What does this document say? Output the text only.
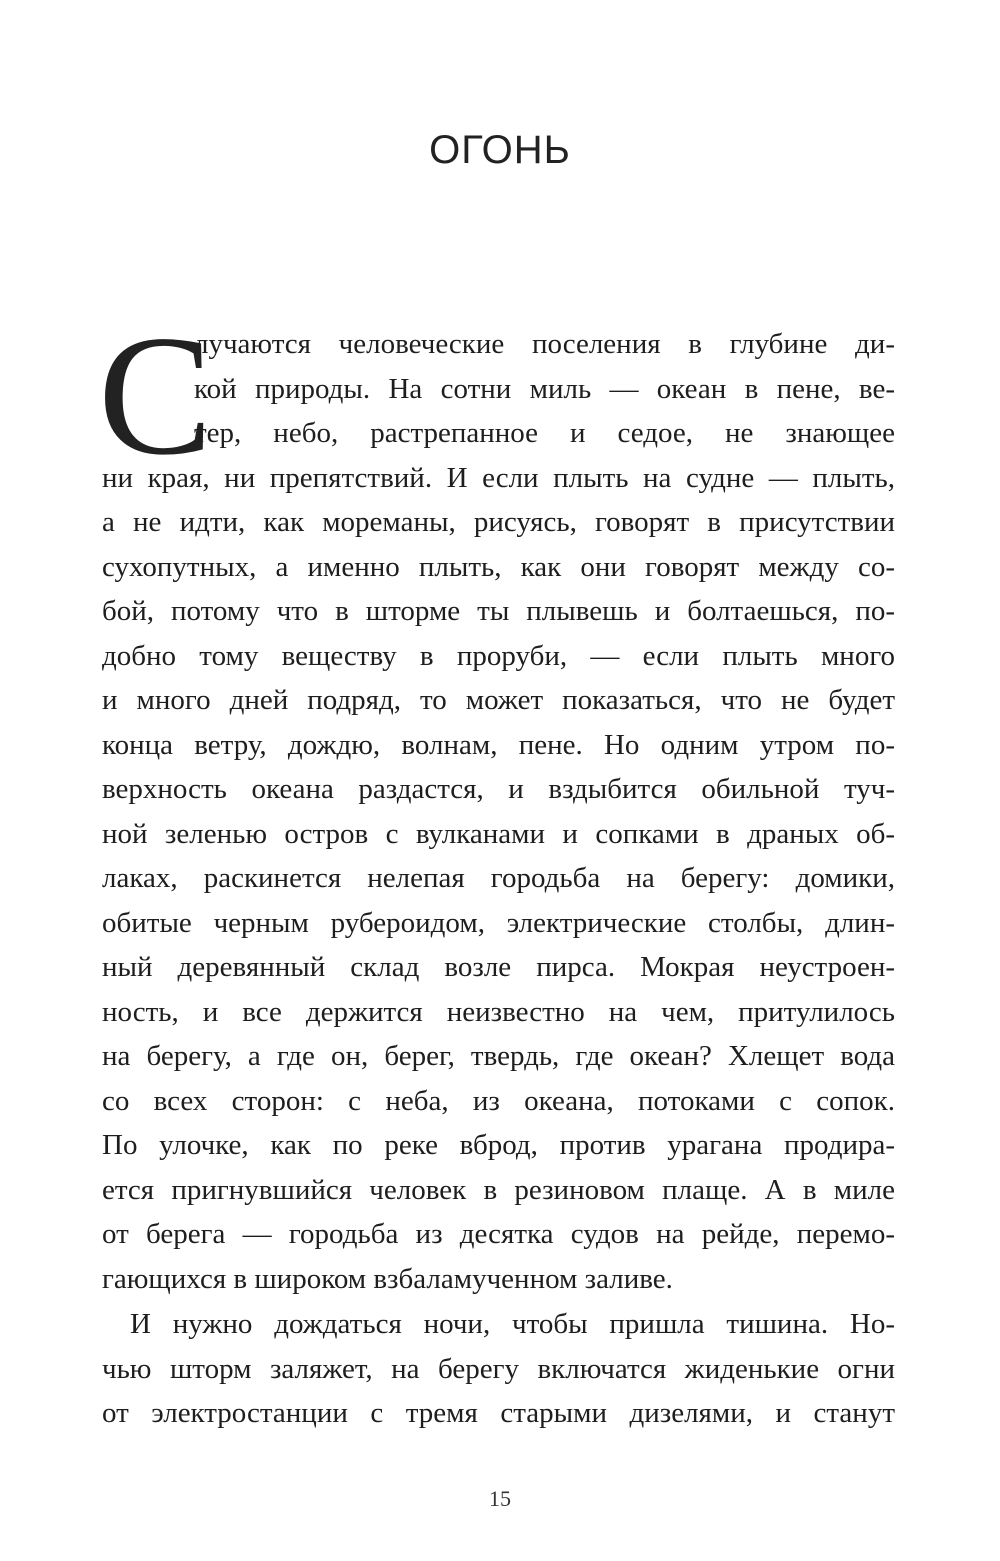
ОГОНЬ
С
лучаются человеческие поселения в глубине ди-
кой природы. На сотни миль — океан в пене, ве-
тер, небо, растрепанное и седое, не знающее
ни края, ни препятствий. И если плыть на судне — плыть,
а не идти, как мореманы, рисуясь, говорят в присутствии
сухопутных, а именно плыть, как они говорят между со-
бой, потому что в шторме ты плывешь и болтаешься, по-
добно тому веществу в проруби, — если плыть много
и много дней подряд, то может показаться, что не будет
конца ветру, дождю, волнам, пене. Но одним утром по-
верхность океана раздастся, и вздыбится обильной туч-
ной зеленью остров с вулканами и сопками в драных об-
лаках, раскинется нелепая городьба на берегу: домики,
обитые черным рубероидом, электрические столбы, длин-
ный деревянный склад возле пирса. Мокрая неустроен-
ность, и все держится неизвестно на чем, притулилось
на берегу, а где он, берег, твердь, где океан? Хлещет вода
со всех сторон: с неба, из океана, потоками с сопок.
По улочке, как по реке вброд, против урагана продира-
ется пригнувшийся человек в резиновом плаще. А в миле
от берега — городьба из десятка судов на рейде, перемо-
гающихся в широком взбаламученном заливе.
И нужно дождаться ночи, чтобы пришла тишина. Но-
чью шторм заляжет, на берегу включатся жиденькие огни
от электростанции с тремя старыми дизелями, и станут
15
